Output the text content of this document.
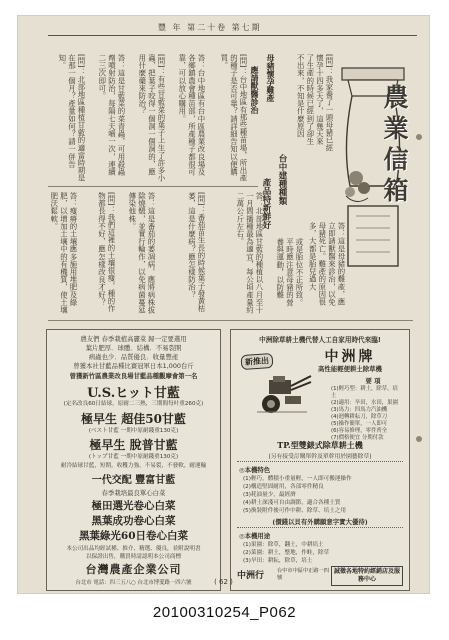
豐 年 第二十卷 第七期
農業信箱
母豬懷孕難產
應請獸醫診治
台中建種種類
產品特新鮮好
[問]：我家養了一頭母豬已經懷孕十四多天了，這幾天來了生產的時候已經到了卻生不出來，不知是什麼原因
答：這是母豬的難產，應立即請獸醫來診治，以免母豬死亡。難產的原因很多，大都是胎兒過大
或是胎位不正所致。平時應注意母豬的營養與運動，以防難
[問]：台中地區有那些種苗場，所出產的種子是否可靠？請詳細告知以便購買。
答：台中地區有台中區農業改良場及各鄉鎮農會種苗部，所產種子都很可靠，可以放心購用。
[問]：有些甘藍菜的葉子上生了許多小蟲，把葉子咬得一個洞一個洞的，應用什麼藥來防治？
答：這是甘藍菜的菜青蟲，可用殺蟲劑噴射防治，每隔七天噴一次，連續二三次即可。
[問]：北部地區種植甘藍的適當時期是在那一個月？產量如何？請一併告知。
答：北部地區甘藍的種植以八月至十一月間播種最為適宜，每公頃產量約二萬公斤左右。
[問]：番茄苗生長的時候葉子發黃枯萎，這是什麼病？應怎樣防治？
答：這是番茄的萎凋病，應將病株拔除燒燬，並實行輪作，以免病菌蔓延傳染他株。
[問]：我們這裡的土壤很瘦，種的作物都長得不好，應怎樣改良才好？
答：瘦瘠的土壤應多施用堆肥及綠肥，以增加土壤中的有機質，使土壤肥沃鬆軟。
農友們 春季栽植高麗菜 歸一定要選用
葉片肥厚．球體．結構．不易裂開
病蟲也少．品質優良．收量豐產
曾獲本社甘藍品種比賽冠軍日本1,000台斤
曾獲新竹區農業改良場甘藍品種觀摩會第一名
U.S.ヒット甘藍
(定名改良60日結球，原耐二三熱，三期間每叶重260克)
極早生 超佳50甘藍
(ベスト甘藍 一期中原耐錢重130克)
極早生 脫普甘藍
(トップ甘藍 一期中原耐錢重130克)
耐冷結球甘藍，短期，收穫力強，不易裂，不發軟，耐運輸
一代交配 豐富甘藍
春季栽培最良單心白菜
極田選光卷心白菜
黑葉成功卷心白菜
黑葉綠光60日卷心白菜
本公司出品均經試種、推介、精選、優良，並附說明書
以保證出售，購買時請認明本公司商標
台灣農產企業公司
台北市 電話：四三五八○ 台北市博愛路一四六號
中洲除草耕土機代替人工自家用時代來臨!
中洲牌
高性能輕便耕土除草機
新推出
要 項
(1)輕巧型：耕土，除草，培土
(2)適用：旱田，水田，果園
(3)馬力：四馬力汽油機
(4)迴轉耕耘刀，除草刀
(5)操作簡單，一人即可
(6)容易修理，零件齊全
(7)價格便宜 分期付款
TP.型雙錶式除草耕土機
(另有接受訂購單幹及單幹用於園藝除草)
◎本機特色
(1)輕巧，體積小重量輕，一人即可搬運操作
(2)構造堅固耐用，各部零件精良
(3)耗油量少，最經濟
(4)耕土深淺可自由調節，適合各種土質
(5)換裝附件後可作中耕、除草、培土之用
(價錢以貝有外購願意字實大優待)
◎本機用途
(1)果園：除草，翻土，中耕培土
(2)菜園：耕土，整地，作畦，除草
(3)旱田：耕耘，除草，培土
中洲行 台中市中區中正路一四號
誠徵各地特約經銷店及服務中心
( 62 )
20100310254_P062
